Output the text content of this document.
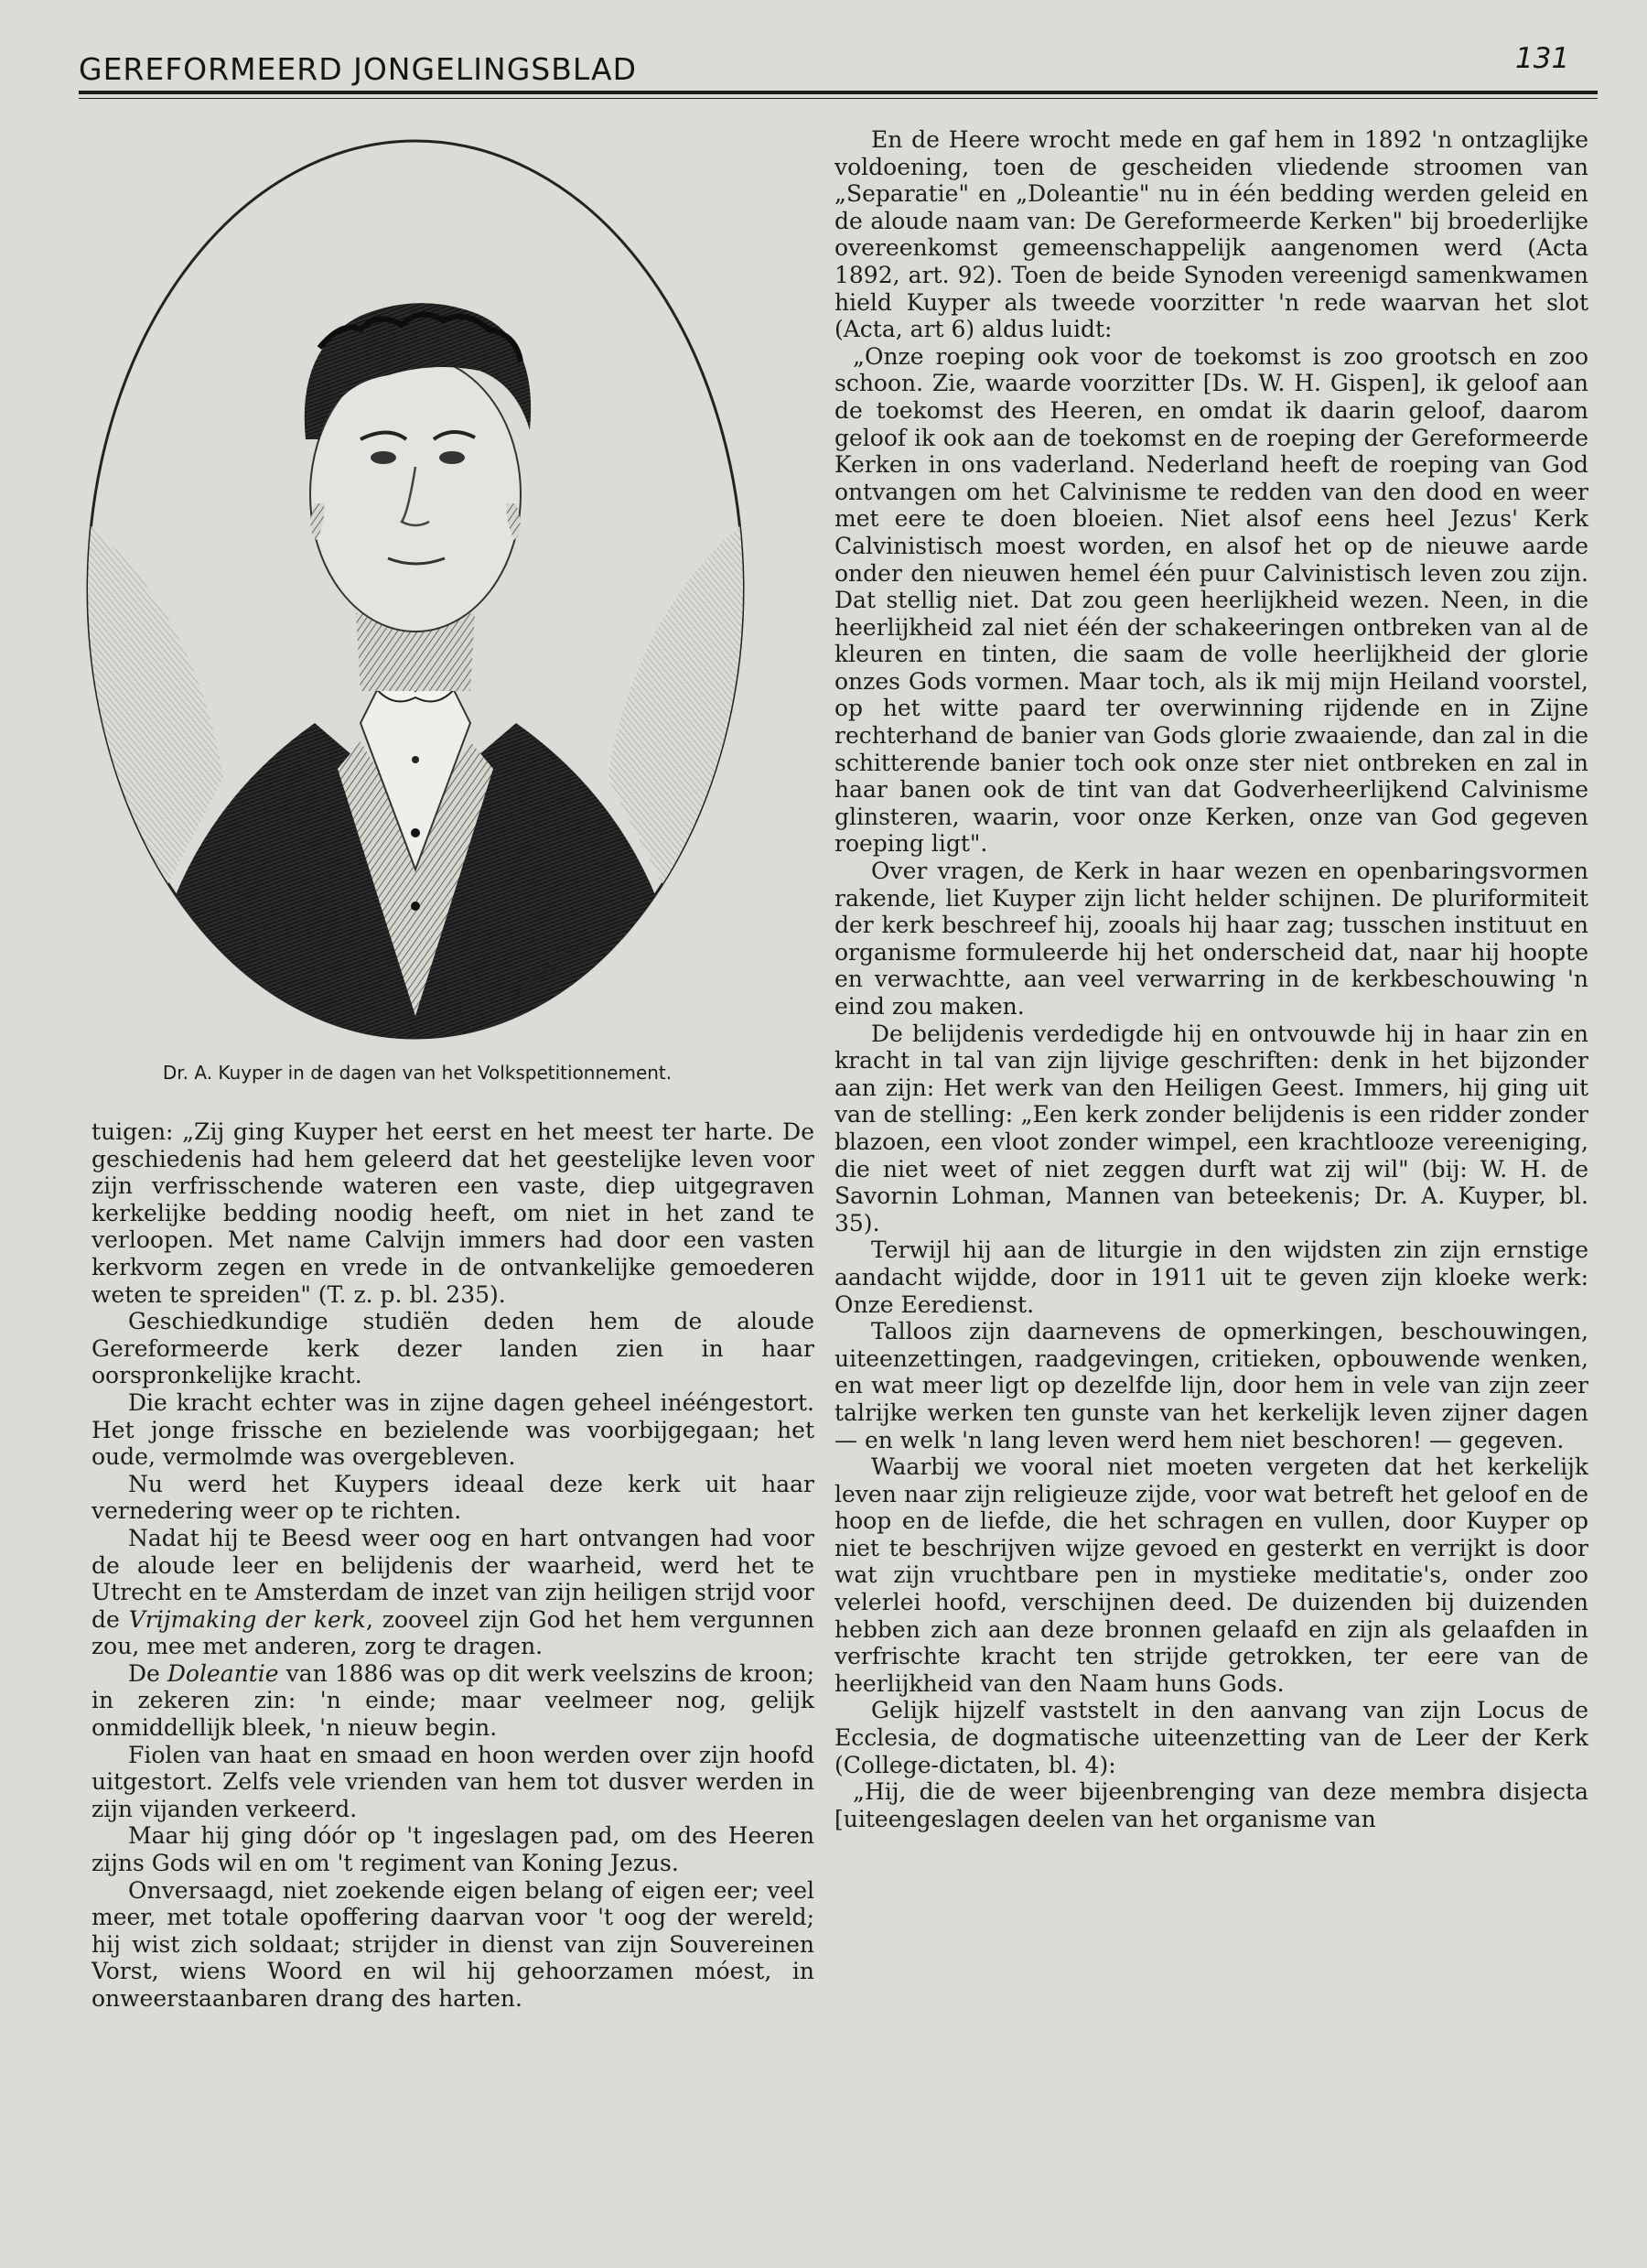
GEREFORMEERD JONGELINGSBLAD	131
SMEETS, TILLY
Dr. A. Kuyper in de dagen van het Volkspetitionnement.

tuigen: „Zij ging Kuyper het eerst en het meest ter harte. De geschiedenis had hem geleerd dat het geestelijke leven voor zijn verfrisschende wateren een vaste, diep uitgegraven kerkelijke bedding noodig heeft, om niet in het zand te verloopen. Met name Calvijn immers had door een vasten kerkvorm zegen en vrede in de ontvankelijke gemoederen weten te spreiden" (T. z. p. bl. 235).

Geschiedkundige studiën deden hem de aloude Gereformeerde kerk dezer landen zien in haar oorspronkelijke kracht.

Die kracht echter was in zijne dagen geheel inééngestort. Het jonge frissche en bezielende was voorbijgegaan; het oude, vermolmde was overgebleven.

Nu werd het Kuypers ideaal deze kerk uit haar vernedering weer op te richten.

Nadat hij te Beesd weer oog en hart ontvangen had voor de aloude leer en belijdenis der waarheid, werd het te Utrecht en te Amsterdam de inzet van zijn heiligen strijd voor de Vrijmaking der kerk, zooveel zijn God het hem vergunnen zou, mee met anderen, zorg te dragen.

De Doleantie van 1886 was op dit werk veelszins de kroon; in zekeren zin: 'n einde; maar veelmeer nog, gelijk onmiddellijk bleek, 'n nieuw begin.

Fiolen van haat en smaad en hoon werden over zijn hoofd uitgestort. Zelfs vele vrienden van hem tot dusver werden in zijn vijanden verkeerd.

Maar hij ging dóór op 't ingeslagen pad, om des Heeren zijns Gods wil en om 't regiment van Koning Jezus.

Onversaagd, niet zoekende eigen belang of eigen eer; veel meer, met totale opoffering daarvan voor 't oog der wereld; hij wist zich soldaat; strijder in dienst van zijn Souvereinen Vorst, wiens Woord en wil hij gehoorzamen móest, in onweerstaanbaren drang des harten.

En de Heere wrocht mede en gaf hem in 1892 'n ontzaglijke voldoening, toen de gescheiden vliedende stroomen van „Separatie" en „Doleantie" nu in één bedding werden geleid en de aloude naam van: De Gereformeerde Kerken" bij broederlijke overeenkomst gemeenschappelijk aangenomen werd (Acta 1892, art. 92). Toen de beide Synoden vereenigd samenkwamen hield Kuyper als tweede voorzitter 'n rede waarvan het slot (Acta, art 6) aldus luidt:

„Onze roeping ook voor de toekomst is zoo grootsch en zoo schoon. Zie, waarde voorzitter [Ds. W. H. Gispen], ik geloof aan de toekomst des Heeren, en omdat ik daarin geloof, daarom geloof ik ook aan de toekomst en de roeping der Gereformeerde Kerken in ons vaderland. Nederland heeft de roeping van God ontvangen om het Calvinisme te redden van den dood en weer met eere te doen bloeien. Niet alsof eens heel Jezus' Kerk Calvinistisch moest worden, en alsof het op de nieuwe aarde onder den nieuwen hemel één puur Calvinistisch leven zou zijn. Dat stellig niet. Dat zou geen heerlijkheid wezen. Neen, in die heerlijkheid zal niet één der schakeeringen ontbreken van al de kleuren en tinten, die saam de volle heerlijkheid der glorie onzes Gods vormen. Maar toch, als ik mij mijn Heiland voorstel, op het witte paard ter overwinning rijdende en in Zijne rechterhand de banier van Gods glorie zwaaiende, dan zal in die schitterende banier toch ook onze ster niet ontbreken en zal in haar banen ook de tint van dat Godverheerlijkend Calvinisme glinsteren, waarin, voor onze Kerken, onze van God gegeven roeping ligt".

Over vragen, de Kerk in haar wezen en openbaringsvormen rakende, liet Kuyper zijn licht helder schijnen. De pluriformiteit der kerk beschreef hij, zooals hij haar zag; tusschen instituut en organisme formuleerde hij het onderscheid dat, naar hij hoopte en verwachtte, aan veel verwarring in de kerkbeschouwing 'n eind zou maken.

De belijdenis verdedigde hij en ontvouwde hij in haar zin en kracht in tal van zijn lijvige geschriften: denk in het bijzonder aan zijn: Het werk van den Heiligen Geest. Immers, hij ging uit van de stelling: „Een kerk zonder belijdenis is een ridder zonder blazoen, een vloot zonder wimpel, een krachtlooze vereeniging, die niet weet of niet zeggen durft wat zij wil" (bij: W. H. de Savornin Lohman, Mannen van beteekenis; Dr. A. Kuyper, bl. 35).

Terwijl hij aan de liturgie in den wijdsten zin zijn ernstige aandacht wijdde, door in 1911 uit te geven zijn kloeke werk: Onze Eeredienst.

Talloos zijn daarnevens de opmerkingen, beschouwingen, uiteenzettingen, raadgevingen, critieken, opbouwende wenken, en wat meer ligt op dezelfde lijn, door hem in vele van zijn zeer talrijke werken ten gunste van het kerkelijk leven zijner dagen — en welk 'n lang leven werd hem niet beschoren! — gegeven.

Waarbij we vooral niet moeten vergeten dat het kerkelijk leven naar zijn religieuze zijde, voor wat betreft het geloof en de hoop en de liefde, die het schragen en vullen, door Kuyper op niet te beschrijven wijze gevoed en gesterkt en verrijkt is door wat zijn vruchtbare pen in mystieke meditatie's, onder zoo velerlei hoofd, verschijnen deed. De duizenden bij duizenden hebben zich aan deze bronnen gelaafd en zijn als gelaafden in verfrischte kracht ten strijde getrokken, ter eere van de heerlijkheid van den Naam huns Gods.

Gelijk hijzelf vaststelt in den aanvang van zijn Locus de Ecclesia, de dogmatische uiteenzetting van de Leer der Kerk (College-dictaten, bl. 4):

„Hij, die de weer bijeenbrenging van deze membra disjecta [uiteengeslagen deelen van het organisme van
